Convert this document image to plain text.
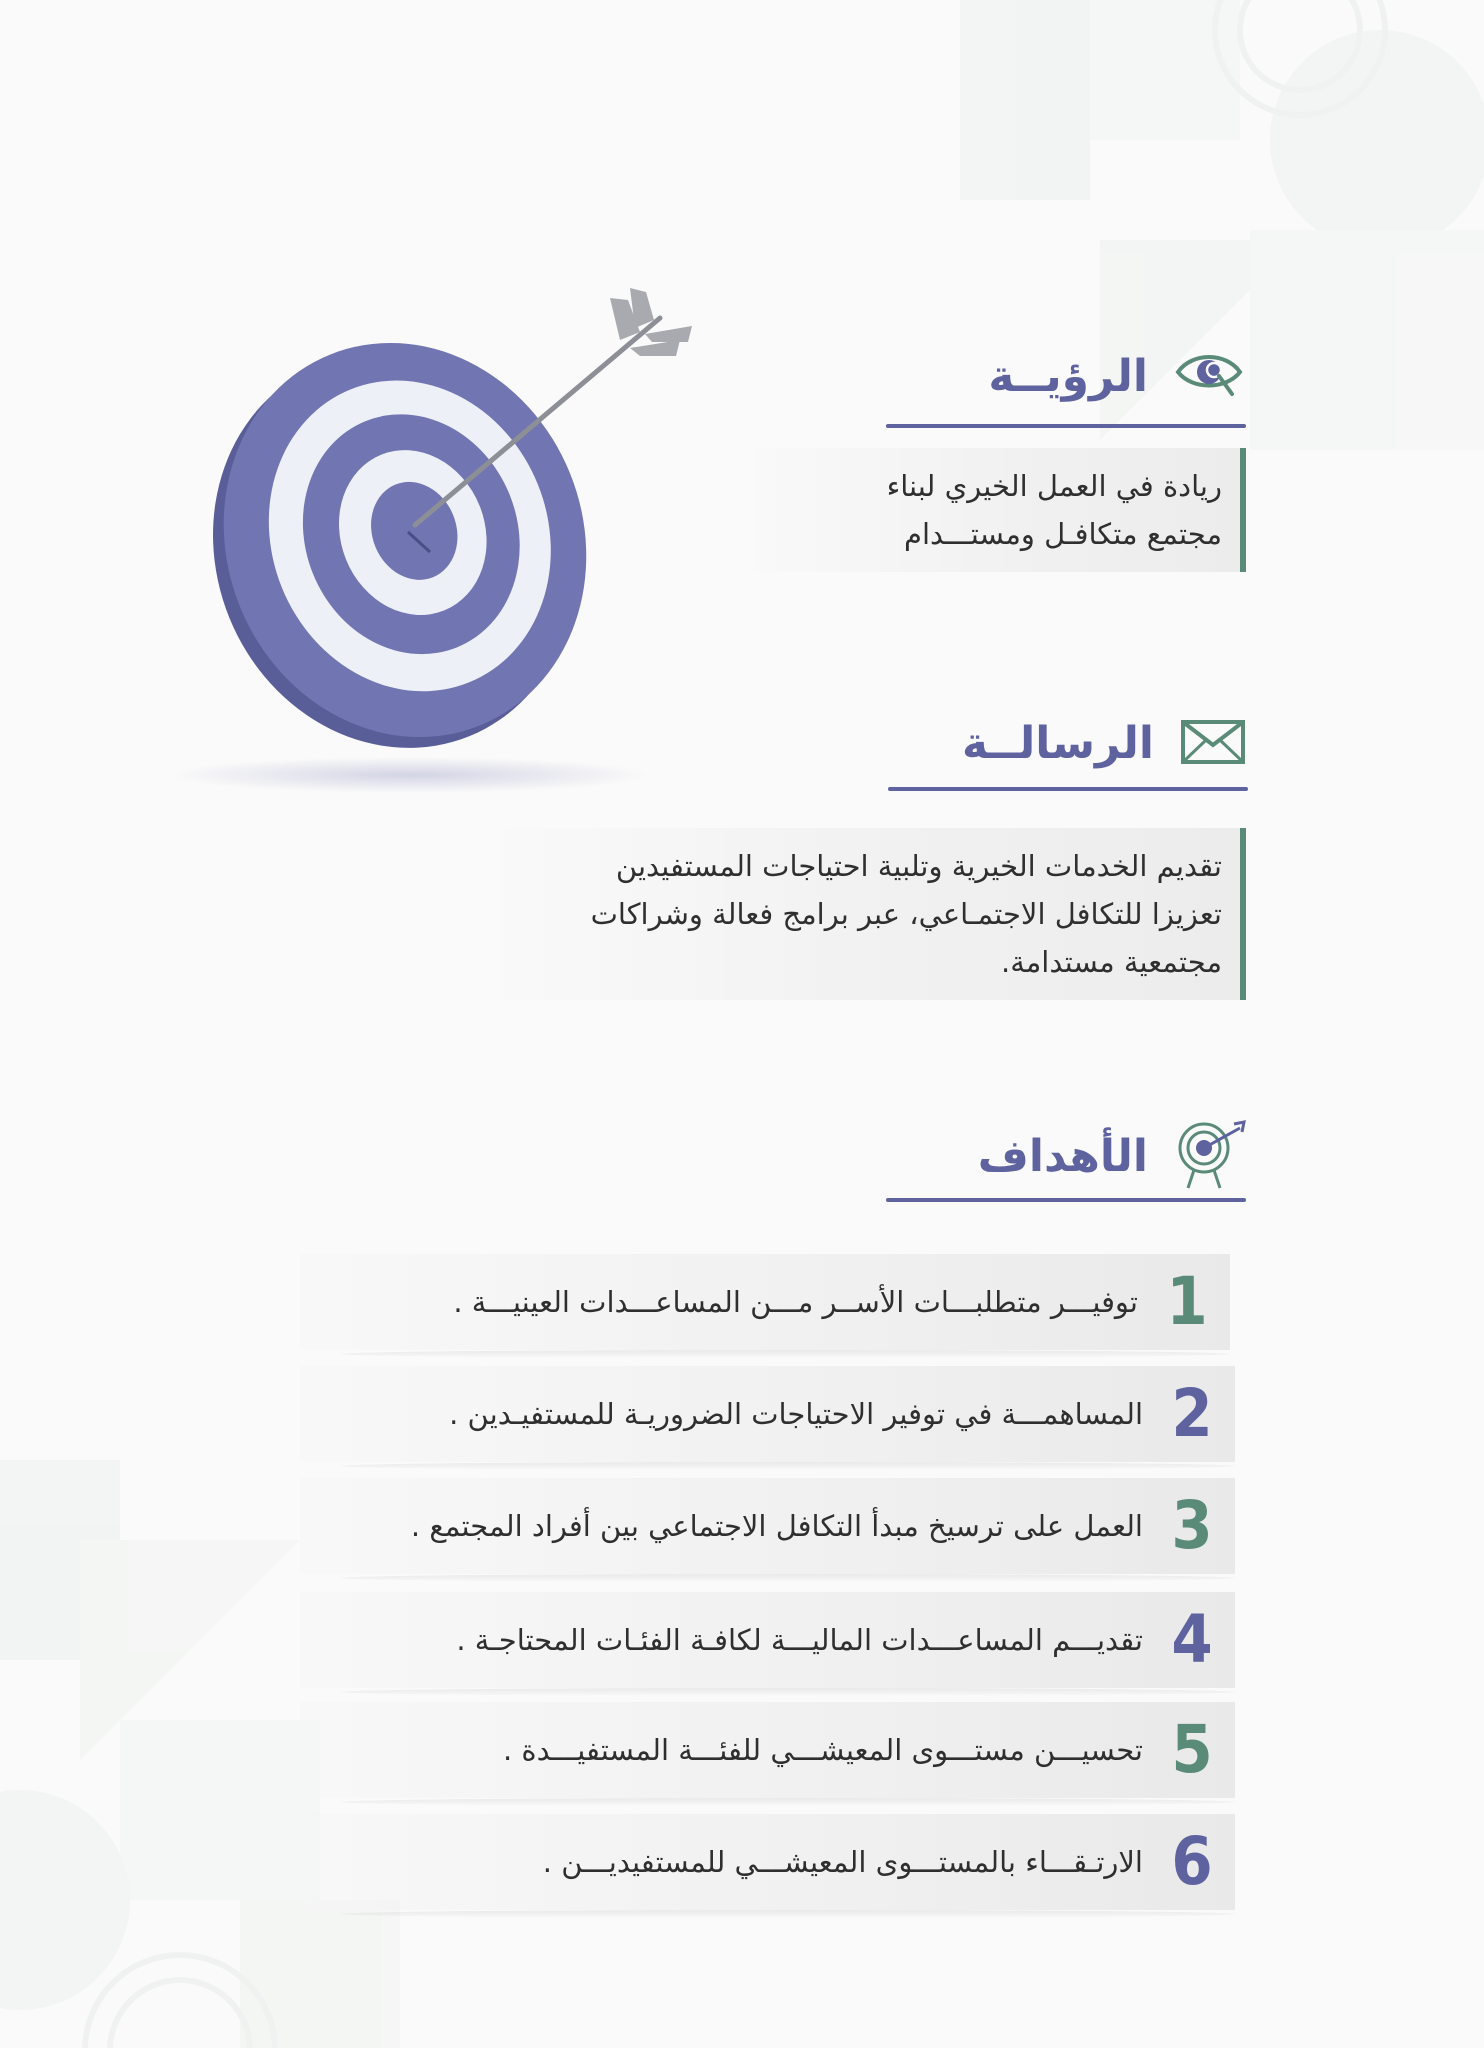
الرؤيــة
ريادة في العمل الخيري لبناء
مجتمع متكافـل ومستـــدام
الرسالــة
تقديم الخدمات الخيرية وتلبية احتياجات المستفيدين
تعزيزا للتكافل الاجتمـاعي، عبر برامج فعالة وشراكات
مجتمعية مستدامة.
الأهداف
1
توفيـــر متطلبـــات الأســر مـــن المساعـــدات العينيـــة .
2
المساهمـــة في توفير الاحتياجات الضروريـة للمستفيـدين .
3
العمل على ترسيخ مبدأ التكافل الاجتماعي بين أفراد المجتمع .
4
تقديـــم المساعـــدات الماليـــة لكافـة الفئـات المحتاجـة .
5
تحسيـــن مستـــوى المعيشـــي للفئـــة المستفيـــدة .
6
الارتـقـــاء بالمستـــوى المعيشـــي للمستفيديـــن .
